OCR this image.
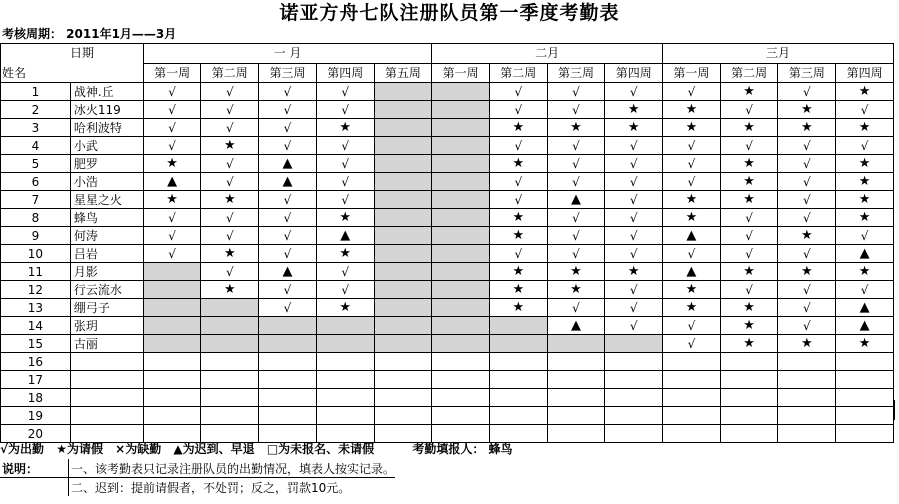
诺亚方舟七队注册队员第一季度考勤表
考核周期： 2011年1月——3月
日期
姓名		一 月					二月				三月			
		第一周	第二周	第三周	第四周	第五周	第一周	第二周	第三周	第四周	第一周	第二周	第三周	第四周
1	战神.丘	√	√	√	√			√	√	√	√	★	√	★
2	冰火119	√	√	√	√			√	√	★	★	√	★	√
3	哈利波特	√	√	√	★			★	★	★	★	★	★	★
4	小武	√	★	√	√			√	√	√	√	√	√	√
5	肥罗	★	√	▲	√			★	√	√	√	★	√	★
6	小浩	▲	√	▲	√			√	√	√	√	★	√	★
7	星星之火	★	★	√	√			√	▲	√	★	★	√	★
8	蜂鸟	√	√	√	★			★	√	√	★	√	√	★
9	何涛	√	√	√	▲			★	√	√	▲	√	★	√
10	吕岩	√	★	√	★			√	√	√	√	√	√	▲
11	月影		√	▲	√			★	★	★	▲	★	★	★
12	行云流水		★	√	√			★	★	√	★	√	√	√
13	绷弓子			√	★			★	√	√	★	★	√	▲
14	张玥								▲	√	√	★	√	▲
15	古丽										√	★	★	★
16														
17														
18														
19														
20														
√为出勤 ★为请假 ×为缺勤 ▲为迟到、早退 □为未报名、未请假	考勤填报人： 蜂鸟
说明：	一、该考勤表只记录注册队员的出勤情况，填表人按实记录。
	二、迟到：提前请假者，不处罚；反之，罚款10元。
